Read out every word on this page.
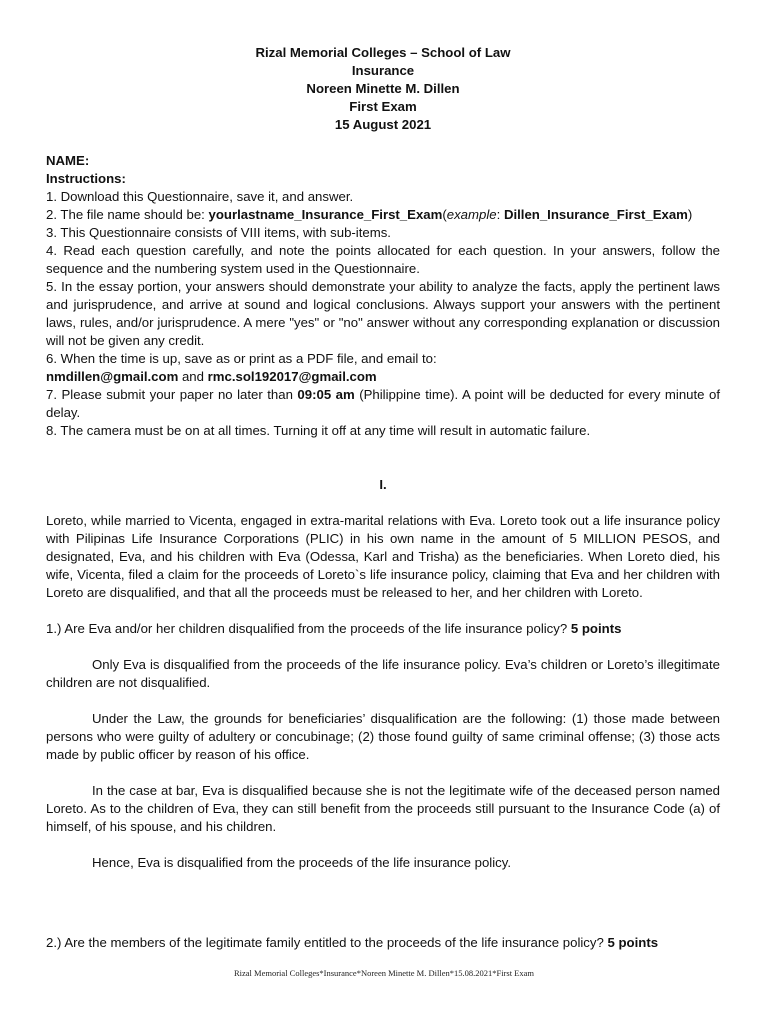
Rizal Memorial Colleges – School of Law
Insurance
Noreen Minette M. Dillen
First Exam
15 August 2021

NAME:

Instructions:

1. Download this Questionnaire, save it, and answer.

2. The file name should be: yourlastname_Insurance_First_Exam(example: Dillen_Insurance_First_Exam)

3. This Questionnaire consists of VIII items, with sub-items.

4. Read each question carefully, and note the points allocated for each question. In your answers, follow the sequence and the numbering system used in the Questionnaire.

5. In the essay portion, your answers should demonstrate your ability to analyze the facts, apply the pertinent laws and jurisprudence, and arrive at sound and logical conclusions. Always support your answers with the pertinent laws, rules, and/or jurisprudence. A mere "yes" or "no" answer without any corresponding explanation or discussion will not be given any credit.

6. When the time is up, save as or print as a PDF file, and email to:

nmdillen@gmail.com and rmc.sol192017@gmail.com

7. Please submit your paper no later than 09:05 am (Philippine time). A point will be deducted for every minute of delay.

8. The camera must be on at all times. Turning it off at any time will result in automatic failure.

I.

Loreto, while married to Vicenta, engaged in extra-marital relations with Eva. Loreto took out a life insurance policy with Pilipinas Life Insurance Corporations (PLIC) in his own name in the amount of 5 MILLION PESOS, and designated, Eva, and his children with Eva (Odessa, Karl and Trisha) as the beneficiaries. When Loreto died, his wife, Vicenta, filed a claim for the proceeds of Loreto`s life insurance policy, claiming that Eva and her children with Loreto are disqualified, and that all the proceeds must be released to her, and her children with Loreto.

1.) Are Eva and/or her children disqualified from the proceeds of the life insurance policy? 5 points

Only Eva is disqualified from the proceeds of the life insurance policy. Eva’s children or Loreto’s illegitimate children are not disqualified.

Under the Law, the grounds for beneficiaries’ disqualification are the following: (1) those made between persons who were guilty of adultery or concubinage; (2) those found guilty of same criminal offense; (3) those acts made by public officer by reason of his office.

In the case at bar, Eva is disqualified because she is not the legitimate wife of the deceased person named Loreto. As to the children of Eva, they can still benefit from the proceeds still pursuant to the Insurance Code (a) of himself, of his spouse, and his children.

Hence, Eva is disqualified from the proceeds of the life insurance policy.

2.) Are the members of the legitimate family entitled to the proceeds of the life insurance policy? 5 points

Rizal Memorial Colleges*Insurance*Noreen Minette M. Dillen*15.08.2021*First Exam
